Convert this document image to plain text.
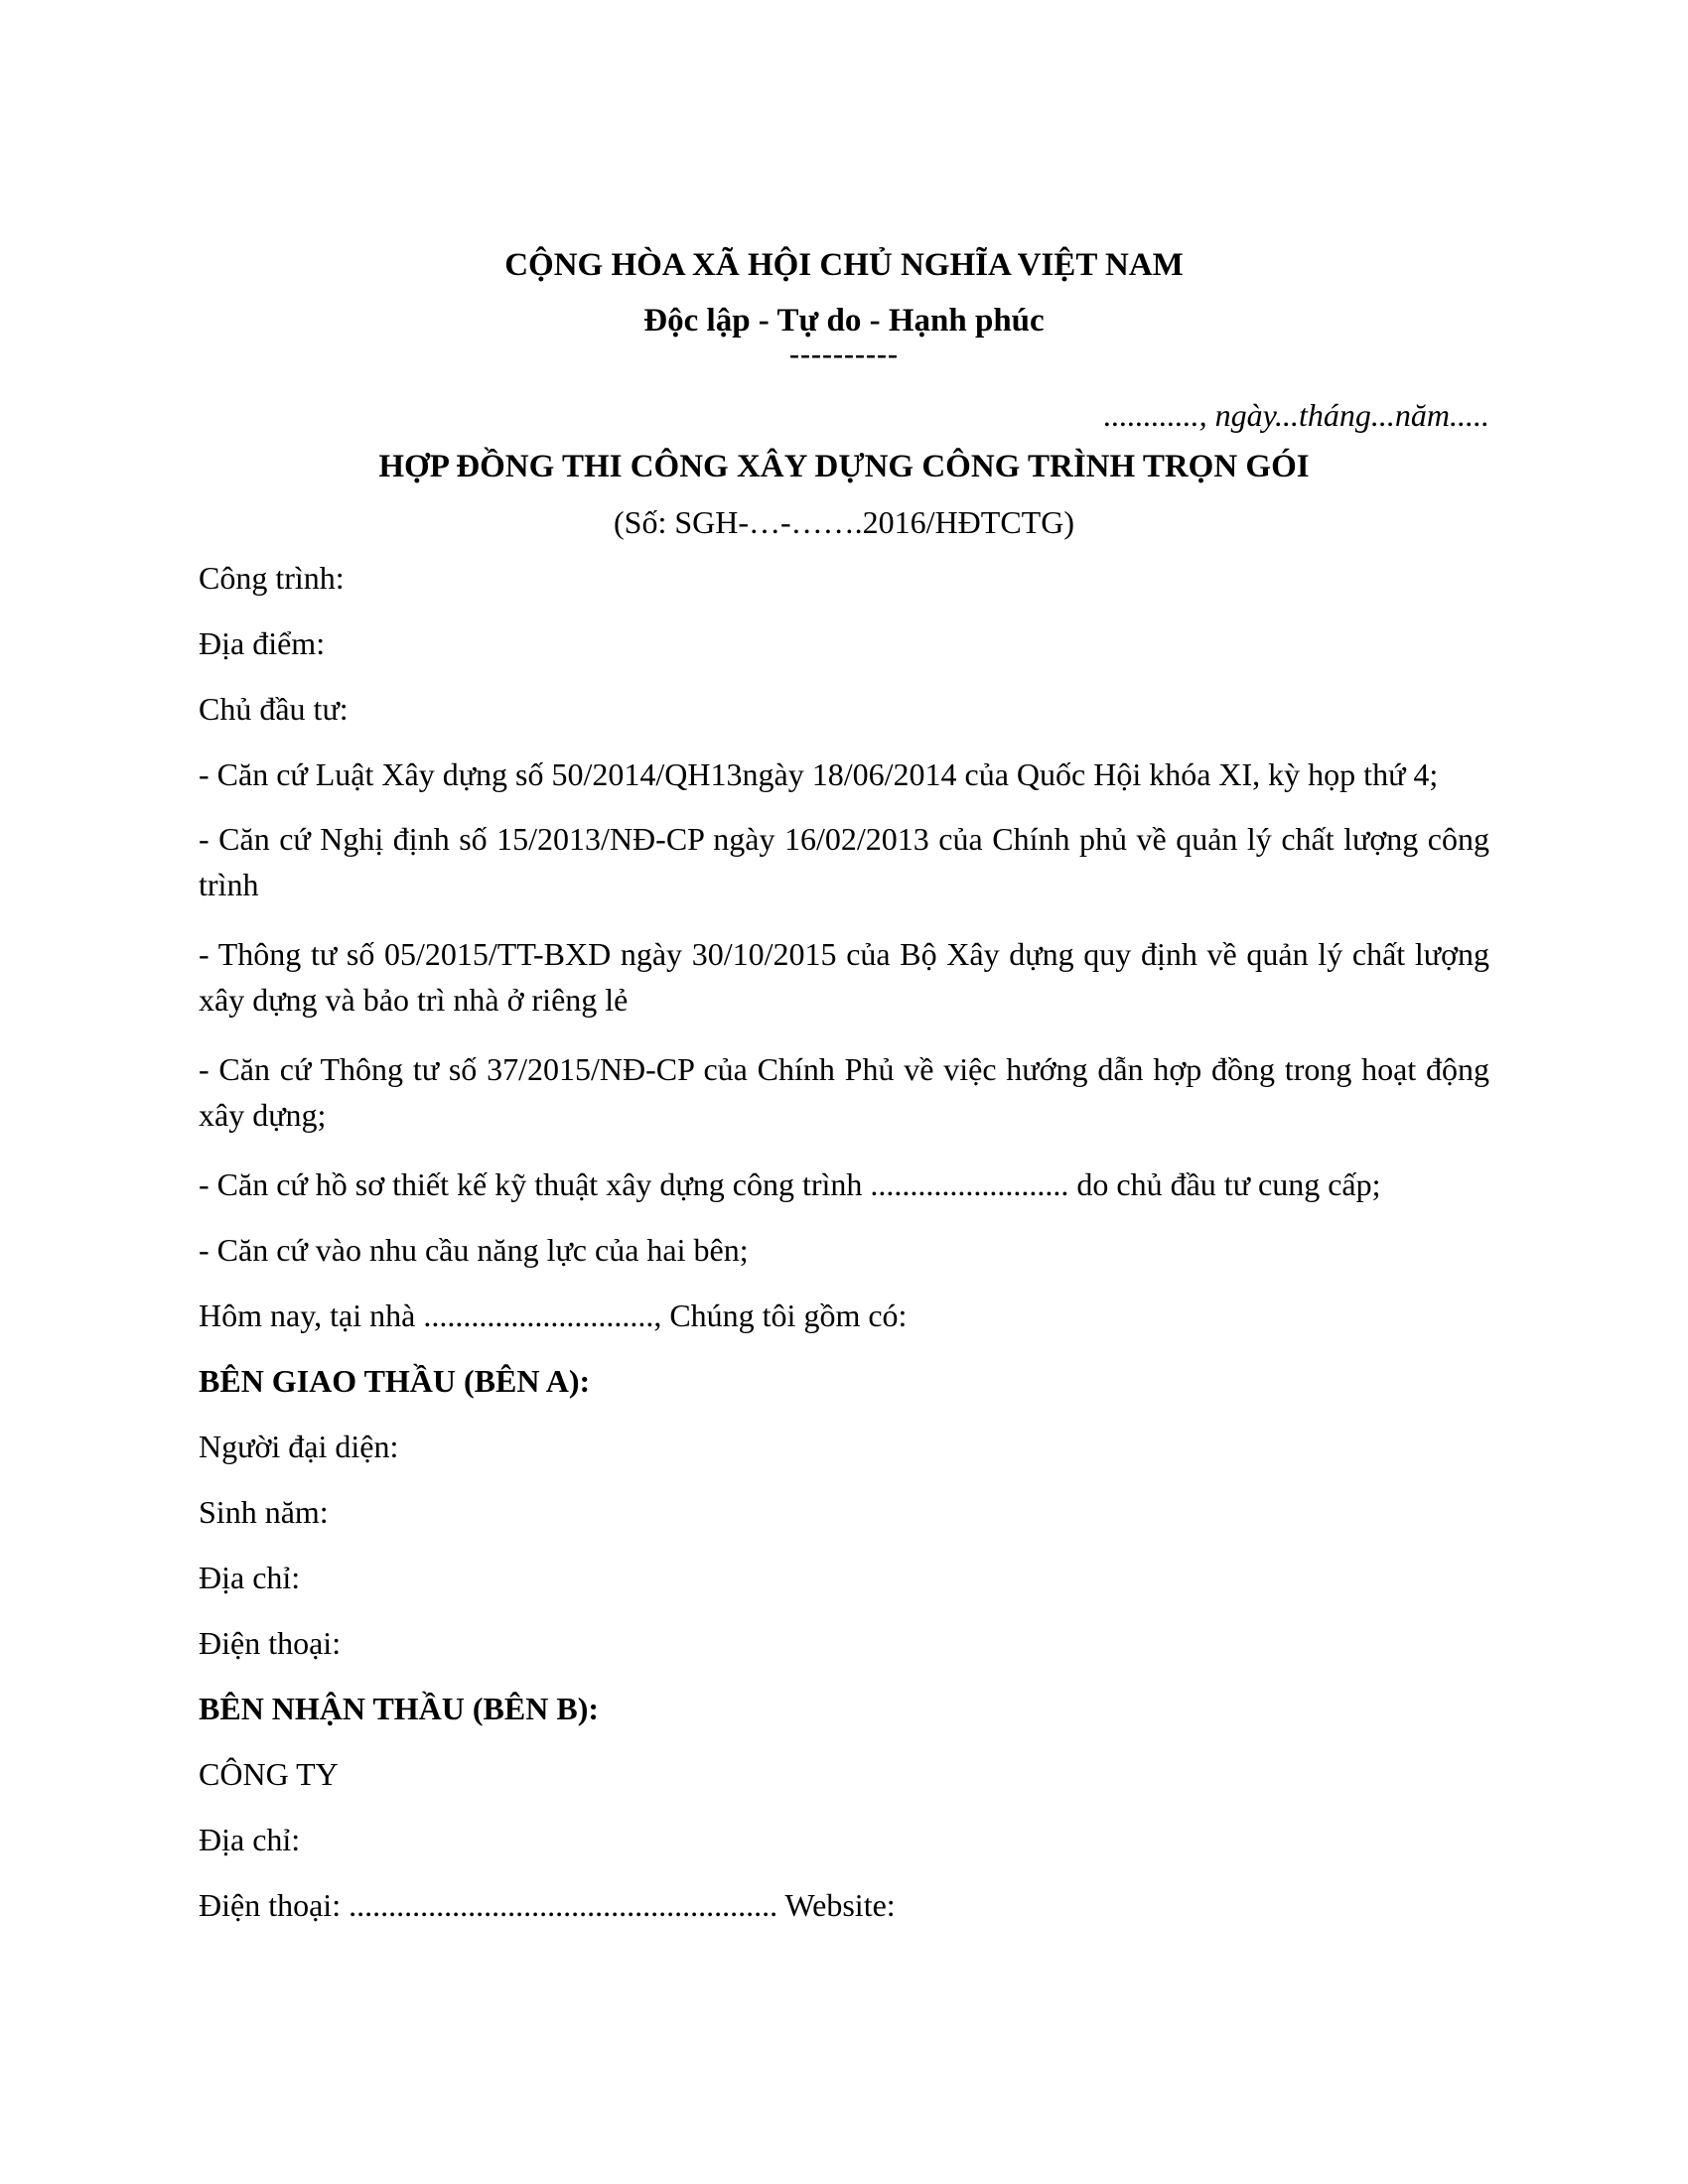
CỘNG HÒA XÃ HỘI CHỦ NGHĨA VIỆT NAM
Độc lập - Tự do - Hạnh phúc
----------
............, ngày...tháng...năm.....
HỢP ĐỒNG THI CÔNG XÂY DỰNG CÔNG TRÌNH TRỌN GÓI
(Số: SGH-…-…….2016/HĐTCTG)
Công trình:
Địa điểm:
Chủ đầu tư:
- Căn cứ Luật Xây dựng số 50/2014/QH13ngày 18/06/2014 của Quốc Hội khóa XI, kỳ họp thứ 4;
- Căn cứ Nghị định số 15/2013/NĐ-CP ngày 16/02/2013 của Chính phủ về quản lý chất lượng công trình
- Thông tư số 05/2015/TT-BXD ngày 30/10/2015 của Bộ Xây dựng quy định về quản lý chất lượng xây dựng và bảo trì nhà ở riêng lẻ
- Căn cứ Thông tư số 37/2015/NĐ-CP của Chính Phủ về việc hướng dẫn hợp đồng trong hoạt động xây dựng;
- Căn cứ hồ sơ thiết kế kỹ thuật xây dựng công trình ......................... do chủ đầu tư cung cấp;
- Căn cứ vào nhu cầu năng lực của hai bên;
Hôm nay, tại nhà ............................., Chúng tôi gồm có:
BÊN GIAO THẦU (BÊN A):
Người đại diện:
Sinh năm:
Địa chỉ:
Điện thoại:
BÊN NHẬN THẦU (BÊN B):
CÔNG TY
Địa chỉ:
Điện thoại: ...................................................... Website:
